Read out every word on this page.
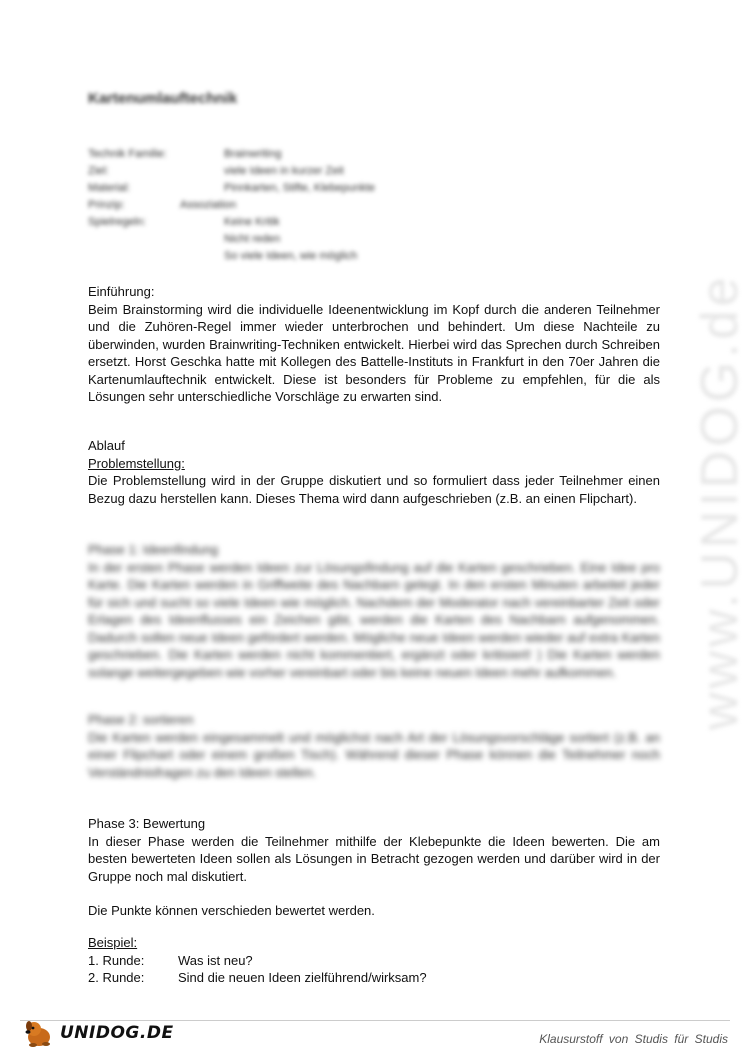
www.UNIDOG.de
Kartenumlauftechnik
Technik Familie:	Brainwriting
Ziel:	viele Ideen in kurzer Zeit
Material:	Pinnkarten, Stifte, Klebepunkte
Prinzip:	Assoziation
Spielregeln:	Keine Kritik
Nicht reden
So viele Ideen, wie möglich
Einführung:
Beim Brainstorming wird die individuelle Ideenentwicklung im Kopf durch die anderen Teilnehmer und die Zuhören-Regel immer wieder unterbrochen und behindert. Um diese Nachteile zu überwinden, wurden Brainwriting-Techniken entwickelt. Hierbei wird das Sprechen durch Schreiben ersetzt. Horst Geschka hatte mit Kollegen des Battelle-Instituts in Frankfurt in den 70er Jahren die Kartenumlauftechnik entwickelt. Diese ist besonders für Probleme zu empfehlen, für die als Lösungen sehr unterschiedliche Vorschläge zu erwarten sind.
Ablauf
Problemstellung:
Die Problemstellung wird in der Gruppe diskutiert und so formuliert dass jeder Teilnehmer einen Bezug dazu herstellen kann. Dieses Thema wird dann aufgeschrieben (z.B. an einen Flipchart).
Phase 1: Ideenfindung
In der ersten Phase werden Ideen zur Lösungsfindung auf die Karten geschrieben. Eine Idee pro Karte. Die Karten werden in Griffweite des Nachbarn gelegt. In den ersten Minuten arbeitet jeder für sich und sucht so viele Ideen wie möglich. Nachdem der Moderator nach vereinbarter Zeit oder Erlagen des Ideenflusses ein Zeichen gibt, werden die Karten des Nachbarn aufgenommen. Dadurch sollen neue Ideen gefördert werden. Mögliche neue Ideen werden wieder auf extra Karten geschrieben. Die Karten werden nicht kommentiert, ergänzt oder kritisiert! ) Die Karten werden solange weitergegeben wie vorher vereinbart oder bis keine neuen Ideen mehr aufkommen.
Phase 2: sortieren
Die Karten werden eingesammelt und möglichst nach Art der Lösungsvorschläge sortiert (z.B. an einer Flipchart oder einem großen Tisch). Während dieser Phase können die Teilnehmer noch Verständnisfragen zu den Ideen stellen.
Phase 3: Bewertung
In dieser Phase werden die Teilnehmer mithilfe der Klebepunkte die Ideen bewerten. Die am besten bewerteten Ideen sollen als Lösungen in Betracht gezogen werden und darüber wird in der Gruppe noch mal diskutiert.
Die Punkte können verschieden bewertet werden.
Beispiel:
1. Runde:	Was ist neu?
2. Runde:	Sind die neuen Ideen zielführend/wirksam?
UNIDOG.DE	Klausurstoff von Studis für Studis
